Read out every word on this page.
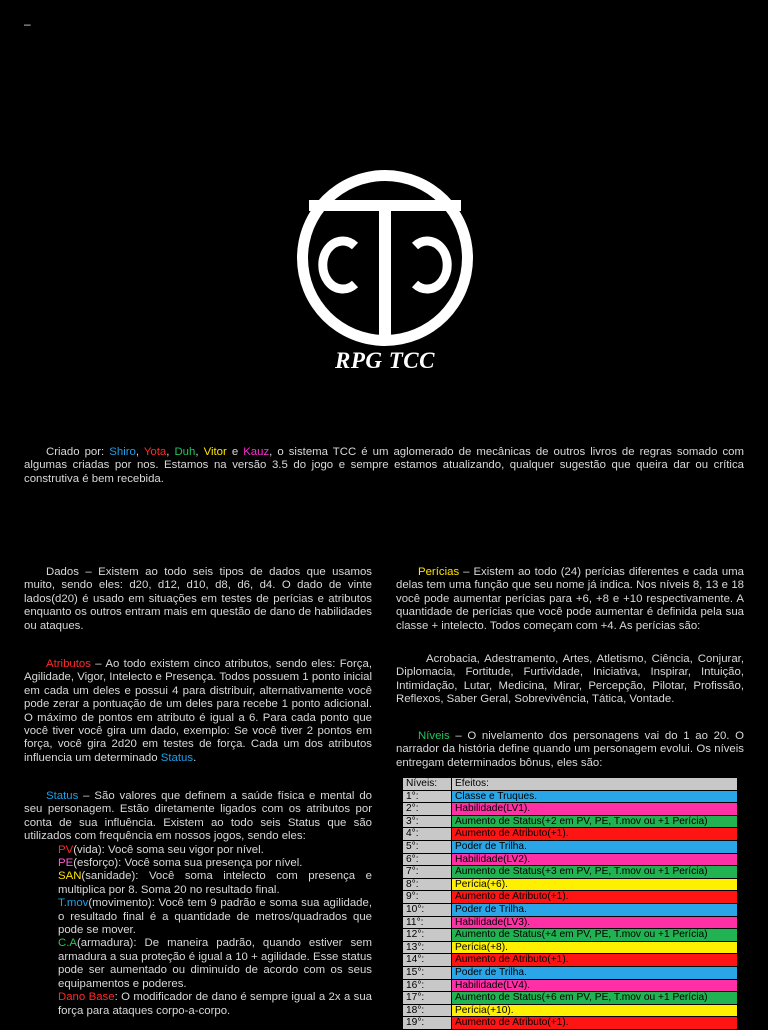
–
RPG TCC
Criado por: Shiro, Yota, Duh, Vitor e Kauz, o sistema TCC é um aglomerado de mecânicas de outros livros de regras somado com algumas criadas por nos. Estamos na versão 3.5 do jogo e sempre estamos atualizando, qualquer sugestão que queira dar ou crítica construtiva é bem recebida.
Dados – Existem ao todo seis tipos de dados que usamos muito, sendo eles: d20, d12, d10, d8, d6, d4. O dado de vinte lados(d20) é usado em situações em testes de perícias e atributos enquanto os outros entram mais em questão de dano de habilidades ou ataques.
Atributos – Ao todo existem cinco atributos, sendo eles: Força, Agilidade, Vigor, Intelecto e Presença. Todos possuem 1 ponto inicial em cada um deles e possui 4 para distribuir, alternativamente você pode zerar a pontuação de um deles para recebe 1 ponto adicional. O máximo de pontos em atributo é igual a 6. Para cada ponto que você tiver você gira um dado, exemplo: Se você tiver 2 pontos em força, você gira 2d20 em testes de força. Cada um dos atributos influencia um determinado Status.

Status – São valores que definem a saúde física e mental do seu personagem. Estão diretamente ligados com os atributos por conta de sua influência. Existem ao todo seis Status que são utilizados com frequência em nossos jogos, sendo eles:

PV(vida): Você soma seu vigor por nível.

PE(esforço): Você soma sua presença por nível.

SAN(sanidade): Você soma intelecto com presença e multiplica por 8. Soma 20 no resultado final.

T.mov(movimento): Você tem 9 padrão e soma sua agilidade, o resultado final é a quantidade de metros/quadrados que pode se mover.

C.A(armadura): De maneira padrão, quando estiver sem armadura a sua proteção é igual a 10 + agilidade. Esse status pode ser aumentado ou diminuído de acordo com os seus equipamentos e poderes.

Dano Base: O modificador de dano é sempre igual a 2x a sua força para ataques corpo-a-corpo.

Perícias – Existem ao todo (24) perícias diferentes e cada uma delas tem uma função que seu nome já indica. Nos níveis 8, 13 e 18 você pode aumentar perícias para +6, +8 e +10 respectivamente. A quantidade de perícias que você pode aumentar é definida pela sua classe + intelecto. Todos começam com +4. As perícias são:
Acrobacia, Adestramento, Artes, Atletismo, Ciência, Conjurar, Diplomacia, Fortitude, Furtividade, Iniciativa, Inspirar, Intuição, Intimidação, Lutar, Medicina, Mirar, Percepção, Pilotar, Profissão, Reflexos, Saber Geral, Sobrevivência, Tática, Vontade.
Níveis – O nivelamento dos personagens vai do 1 ao 20. O narrador da história define quando um personagem evolui. Os níveis entregam determinados bônus, eles são:
Níveis:	Efeitos:
1°:	Classe e Truques.
2°:	Habilidade(LV1).
3°:	Aumento de Status(+2 em PV, PE, T.mov ou +1 Perícia)
4°:	Aumento de Atributo(+1).
5°:	Poder de Trilha.
6°:	Habilidade(LV2).
7°:	Aumento de Status(+3 em PV, PE, T.mov ou +1 Perícia)
8°:	Perícia(+6).
9°:	Aumento de Atributo(+1).
10°:	Poder de Trilha.
11°:	Habilidade(LV3).
12°:	Aumento de Status(+4 em PV, PE, T.mov ou +1 Perícia)
13°:	Perícia(+8).
14°:	Aumento de Atributo(+1).
15°:	Poder de Trilha.
16°:	Habilidade(LV4).
17°:	Aumento de Status(+6 em PV, PE, T.mov ou +1 Perícia)
18°:	Perícia(+10).
19°:	Aumento de Atributo(+1).
